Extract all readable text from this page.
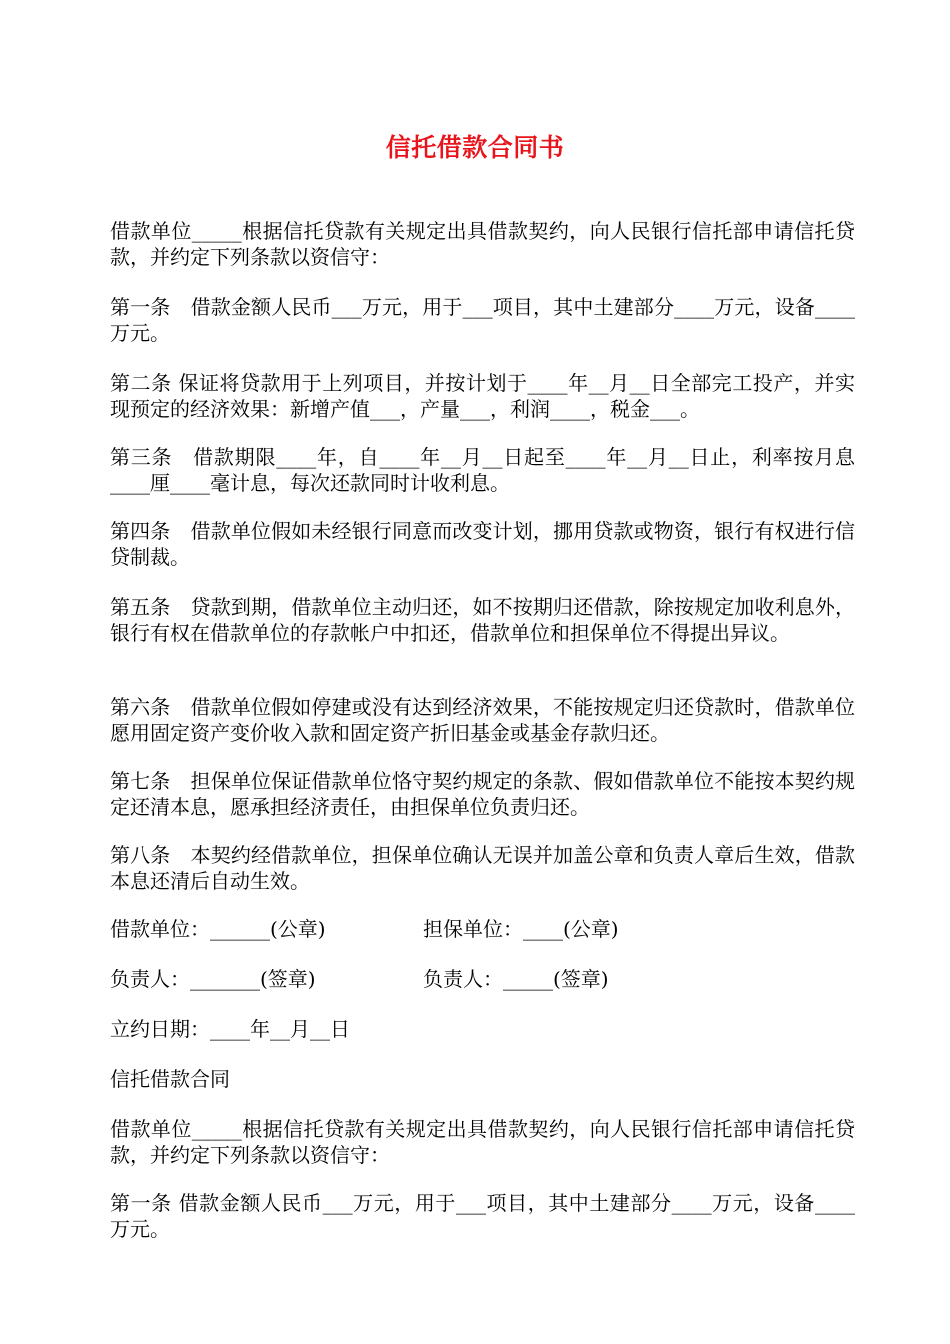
信托借款合同书
借款单位_____根据信托贷款有关规定出具借款契约，向人民银行信托部申请信托贷款，并约定下列条款以资信守：
第一条　借款金额人民币___万元，用于___项目，其中土建部分____万元，设备____万元。
第二条 保证将贷款用于上列项目，并按计划于____年__月__日全部完工投产，并实现预定的经济效果：新增产值___，产量___，利润____，税金___。
第三条　借款期限____年，自____年__月__日起至____年__月__日止，利率按月息____厘____毫计息，每次还款同时计收利息。
第四条　借款单位假如未经银行同意而改变计划，挪用贷款或物资，银行有权进行信贷制裁。
第五条　贷款到期，借款单位主动归还，如不按期归还借款，除按规定加收利息外，银行有权在借款单位的存款帐户中扣还，借款单位和担保单位不得提出异议。
第六条　借款单位假如停建或没有达到经济效果，不能按规定归还贷款时，借款单位愿用固定资产变价收入款和固定资产折旧基金或基金存款归还。
第七条　担保单位保证借款单位恪守契约规定的条款、假如借款单位不能按本契约规定还清本息，愿承担经济责任，由担保单位负责归还。
第八条　本契约经借款单位，担保单位确认无误并加盖公章和负责人章后生效，借款本息还清后自动生效。
借款单位：______(公章)	担保单位：____(公章)
负责人：_______(签章)	负责人：_____(签章)
立约日期：____年__月__日
信托借款合同
借款单位_____根据信托贷款有关规定出具借款契约，向人民银行信托部申请信托贷款，并约定下列条款以资信守：
第一条 借款金额人民币___万元，用于___项目，其中土建部分____万元，设备____万元。
